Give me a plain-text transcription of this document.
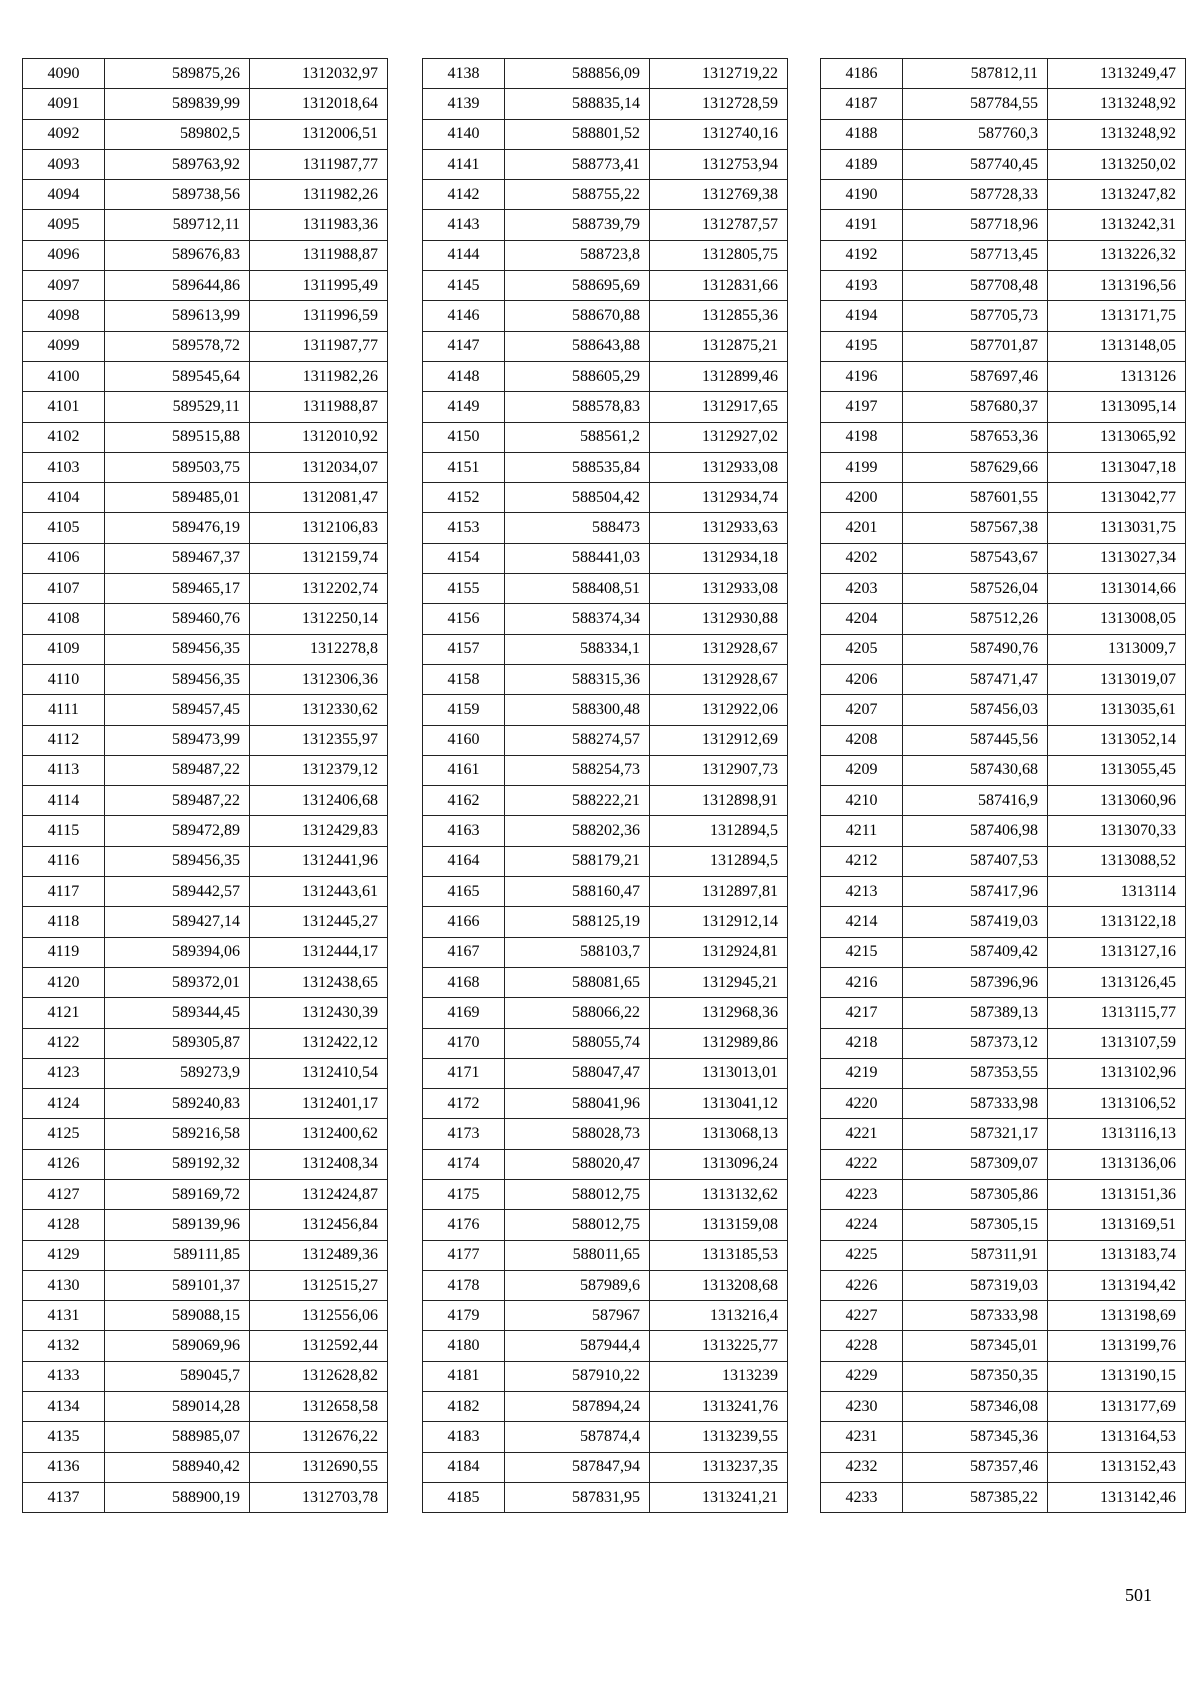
4090	589875,26	1312032,97
4091	589839,99	1312018,64
4092	589802,5	1312006,51
4093	589763,92	1311987,77
4094	589738,56	1311982,26
4095	589712,11	1311983,36
4096	589676,83	1311988,87
4097	589644,86	1311995,49
4098	589613,99	1311996,59
4099	589578,72	1311987,77
4100	589545,64	1311982,26
4101	589529,11	1311988,87
4102	589515,88	1312010,92
4103	589503,75	1312034,07
4104	589485,01	1312081,47
4105	589476,19	1312106,83
4106	589467,37	1312159,74
4107	589465,17	1312202,74
4108	589460,76	1312250,14
4109	589456,35	1312278,8
4110	589456,35	1312306,36
4111	589457,45	1312330,62
4112	589473,99	1312355,97
4113	589487,22	1312379,12
4114	589487,22	1312406,68
4115	589472,89	1312429,83
4116	589456,35	1312441,96
4117	589442,57	1312443,61
4118	589427,14	1312445,27
4119	589394,06	1312444,17
4120	589372,01	1312438,65
4121	589344,45	1312430,39
4122	589305,87	1312422,12
4123	589273,9	1312410,54
4124	589240,83	1312401,17
4125	589216,58	1312400,62
4126	589192,32	1312408,34
4127	589169,72	1312424,87
4128	589139,96	1312456,84
4129	589111,85	1312489,36
4130	589101,37	1312515,27
4131	589088,15	1312556,06
4132	589069,96	1312592,44
4133	589045,7	1312628,82
4134	589014,28	1312658,58
4135	588985,07	1312676,22
4136	588940,42	1312690,55
4137	588900,19	1312703,78
4138	588856,09	1312719,22
4139	588835,14	1312728,59
4140	588801,52	1312740,16
4141	588773,41	1312753,94
4142	588755,22	1312769,38
4143	588739,79	1312787,57
4144	588723,8	1312805,75
4145	588695,69	1312831,66
4146	588670,88	1312855,36
4147	588643,88	1312875,21
4148	588605,29	1312899,46
4149	588578,83	1312917,65
4150	588561,2	1312927,02
4151	588535,84	1312933,08
4152	588504,42	1312934,74
4153	588473	1312933,63
4154	588441,03	1312934,18
4155	588408,51	1312933,08
4156	588374,34	1312930,88
4157	588334,1	1312928,67
4158	588315,36	1312928,67
4159	588300,48	1312922,06
4160	588274,57	1312912,69
4161	588254,73	1312907,73
4162	588222,21	1312898,91
4163	588202,36	1312894,5
4164	588179,21	1312894,5
4165	588160,47	1312897,81
4166	588125,19	1312912,14
4167	588103,7	1312924,81
4168	588081,65	1312945,21
4169	588066,22	1312968,36
4170	588055,74	1312989,86
4171	588047,47	1313013,01
4172	588041,96	1313041,12
4173	588028,73	1313068,13
4174	588020,47	1313096,24
4175	588012,75	1313132,62
4176	588012,75	1313159,08
4177	588011,65	1313185,53
4178	587989,6	1313208,68
4179	587967	1313216,4
4180	587944,4	1313225,77
4181	587910,22	1313239
4182	587894,24	1313241,76
4183	587874,4	1313239,55
4184	587847,94	1313237,35
4185	587831,95	1313241,21
4186	587812,11	1313249,47
4187	587784,55	1313248,92
4188	587760,3	1313248,92
4189	587740,45	1313250,02
4190	587728,33	1313247,82
4191	587718,96	1313242,31
4192	587713,45	1313226,32
4193	587708,48	1313196,56
4194	587705,73	1313171,75
4195	587701,87	1313148,05
4196	587697,46	1313126
4197	587680,37	1313095,14
4198	587653,36	1313065,92
4199	587629,66	1313047,18
4200	587601,55	1313042,77
4201	587567,38	1313031,75
4202	587543,67	1313027,34
4203	587526,04	1313014,66
4204	587512,26	1313008,05
4205	587490,76	1313009,7
4206	587471,47	1313019,07
4207	587456,03	1313035,61
4208	587445,56	1313052,14
4209	587430,68	1313055,45
4210	587416,9	1313060,96
4211	587406,98	1313070,33
4212	587407,53	1313088,52
4213	587417,96	1313114
4214	587419,03	1313122,18
4215	587409,42	1313127,16
4216	587396,96	1313126,45
4217	587389,13	1313115,77
4218	587373,12	1313107,59
4219	587353,55	1313102,96
4220	587333,98	1313106,52
4221	587321,17	1313116,13
4222	587309,07	1313136,06
4223	587305,86	1313151,36
4224	587305,15	1313169,51
4225	587311,91	1313183,74
4226	587319,03	1313194,42
4227	587333,98	1313198,69
4228	587345,01	1313199,76
4229	587350,35	1313190,15
4230	587346,08	1313177,69
4231	587345,36	1313164,53
4232	587357,46	1313152,43
4233	587385,22	1313142,46
501
